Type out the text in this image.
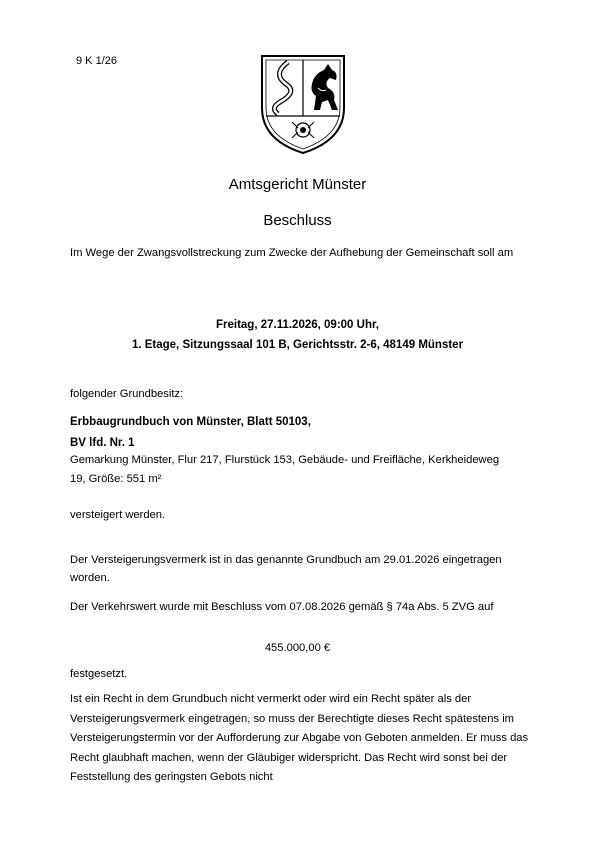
9 K 1/26
Amtsgericht Münster
Beschluss
Im Wege der Zwangsvollstreckung zum Zwecke der Aufhebung der Gemeinschaft soll am
Freitag, 27.11.2026, 09:00 Uhr,
1. Etage, Sitzungssaal 101 B, Gerichtsstr. 2-6, 48149 Münster
folgender Grundbesitz:
Erbbaugrundbuch von Münster, Blatt 50103,
BV lfd. Nr. 1
Gemarkung Münster, Flur 217, Flurstück 153, Gebäude- und Freifläche, Kerkheideweg 19, Größe: 551 m²
versteigert werden.
Der Versteigerungsvermerk ist in das genannte Grundbuch am 29.01.2026 eingetragen worden.
Der Verkehrswert wurde mit Beschluss vom 07.08.2026 gemäß § 74a Abs. 5 ZVG auf
455.000,00 €
festgesetzt.
Ist ein Recht in dem Grundbuch nicht vermerkt oder wird ein Recht später als der Versteigerungsvermerk eingetragen, so muss der Berechtigte dieses Recht spätestens im Versteigerungstermin vor der Aufforderung zur Abgabe von Geboten anmelden. Er muss das Recht glaubhaft machen, wenn der Gläubiger widerspricht. Das Recht wird sonst bei der Feststellung des geringsten Gebots nicht
